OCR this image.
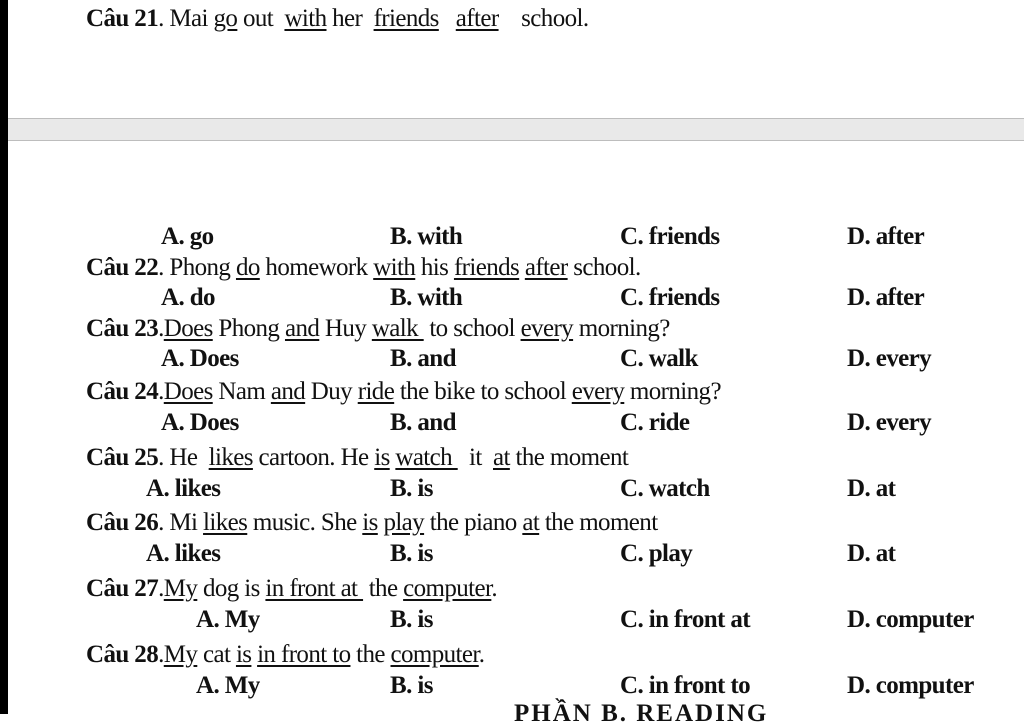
Câu 21. Mai go out  with her  friends after    school.
A. go	B. with	C. friends	D. after
Câu 22. Phong do homework with his friends after school.
A. do	B. with	C. friends	D. after
Câu 23.Does Phong and Huy walk  to school every morning?
A. Does	B. and	C. walk	D. every
Câu 24.Does Nam and Duy ride the bike to school every morning?
A. Does	B. and	C. ride	D. every
Câu 25. He  likes cartoon. He is watch   it  at the moment
A. likes	B. is	C. watch	D. at
Câu 26. Mi likes music. She is play the piano at the moment
A. likes	B. is	C. play	D. at
Câu 27.My dog is in front at  the computer.
A. My	B. is	C. in front at	D. computer
Câu 28.My cat is in front to the computer.
A. My	B. is	C. in front to	D. computer
PHẦN B. READING
